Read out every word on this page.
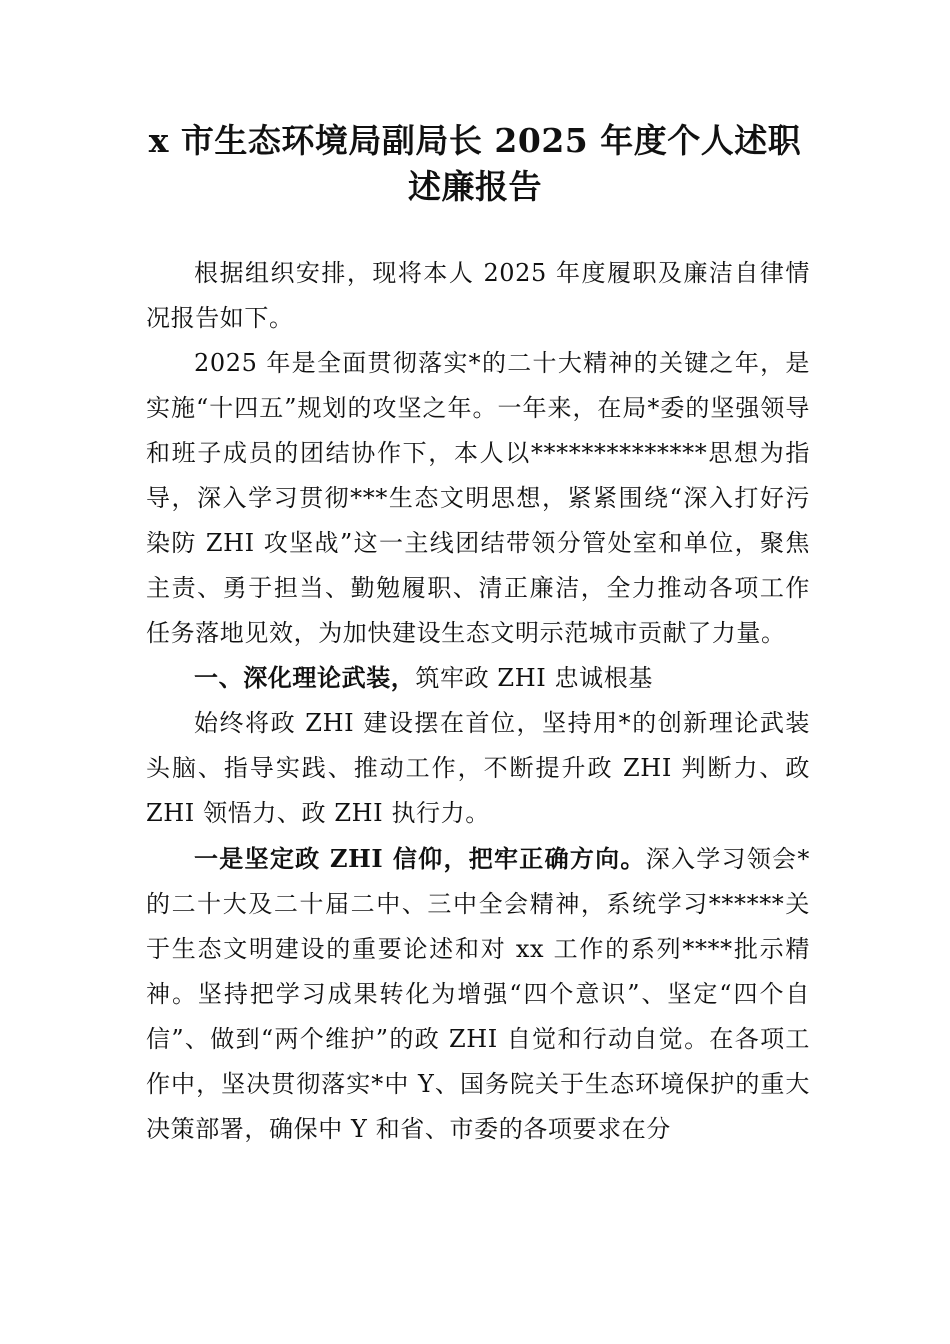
x 市生态环境局副局长 2025 年度个人述职
述廉报告

根据组织安排，现将本人 2025 年度履职及廉洁自律情况报告如下。

2025 年是全面贯彻落实*的二十大精神的关键之年，是实施“十四五”规划的攻坚之年。一年来，在局*委的坚强领导和班子成员的团结协作下，本人以**************思想为指导，深入学习贯彻***生态文明思想，紧紧围绕“深入打好污染防 ZHI 攻坚战”这一主线团结带领分管处室和单位，聚焦主责、勇于担当、勤勉履职、清正廉洁，全力推动各项工作任务落地见效，为加快建设生态文明示范城市贡献了力量。

一、深化理论武装，筑牢政 ZHI 忠诚根基

始终将政 ZHI 建设摆在首位，坚持用*的创新理论武装头脑、指导实践、推动工作，不断提升政 ZHI 判断力、政 ZHI 领悟力、政 ZHI 执行力。

一是坚定政 ZHI 信仰，把牢正确方向。深入学习领会*的二十大及二十届二中、三中全会精神，系统学习******关于生态文明建设的重要论述和对 xx 工作的系列****批示精神。坚持把学习成果转化为增强“四个意识”、坚定“四个自信”、做到“两个维护”的政 ZHI 自觉和行动自觉。在各项工作中，坚决贯彻落实*中 Y、国务院关于生态环境保护的重大决策部署，确保中 Y 和省、市委的各项要求在分
